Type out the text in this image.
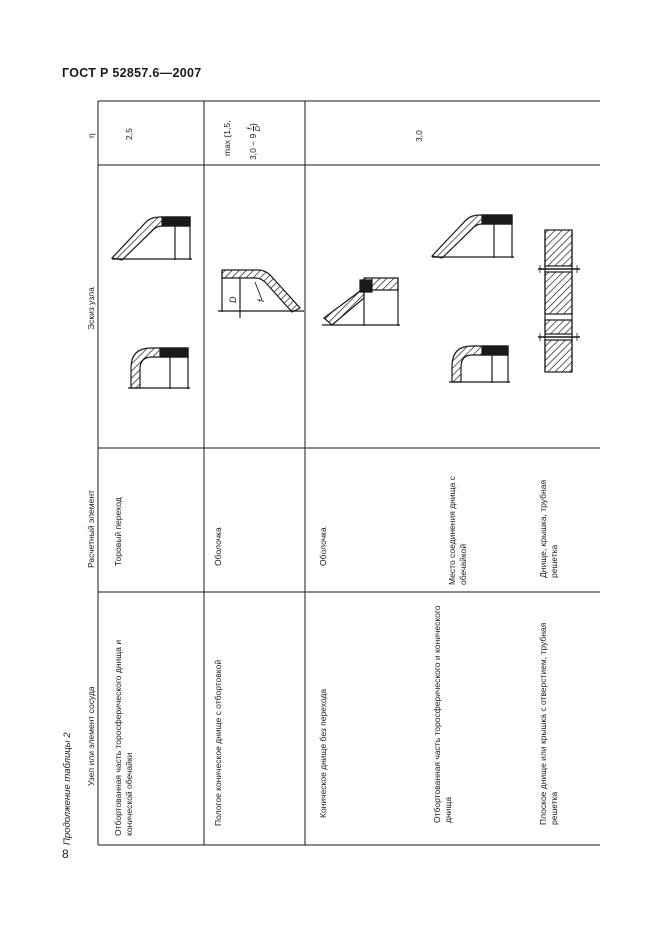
ГОСТ Р 52857.6—2007
Продолжение таблицы 2 Узел или элемент сосуда
Расчетный элемент
Эскиз узла
η
Отбортованная часть торосферического днища и конической обечайки
Торовый переход
2,5
Пологое коническое днище с отбортовкой
Оболочка
max {1,5, 3,0 − 9
f D
}
Коническое днище без перехода
Оболочка
3,0
Отбортованная часть торосферического и конического днища
Место соединения днища с обечайкой
Плоское днище или крышка с отверстием, трубная решетка
Днище, крышка, трубная решетка
D f
8
